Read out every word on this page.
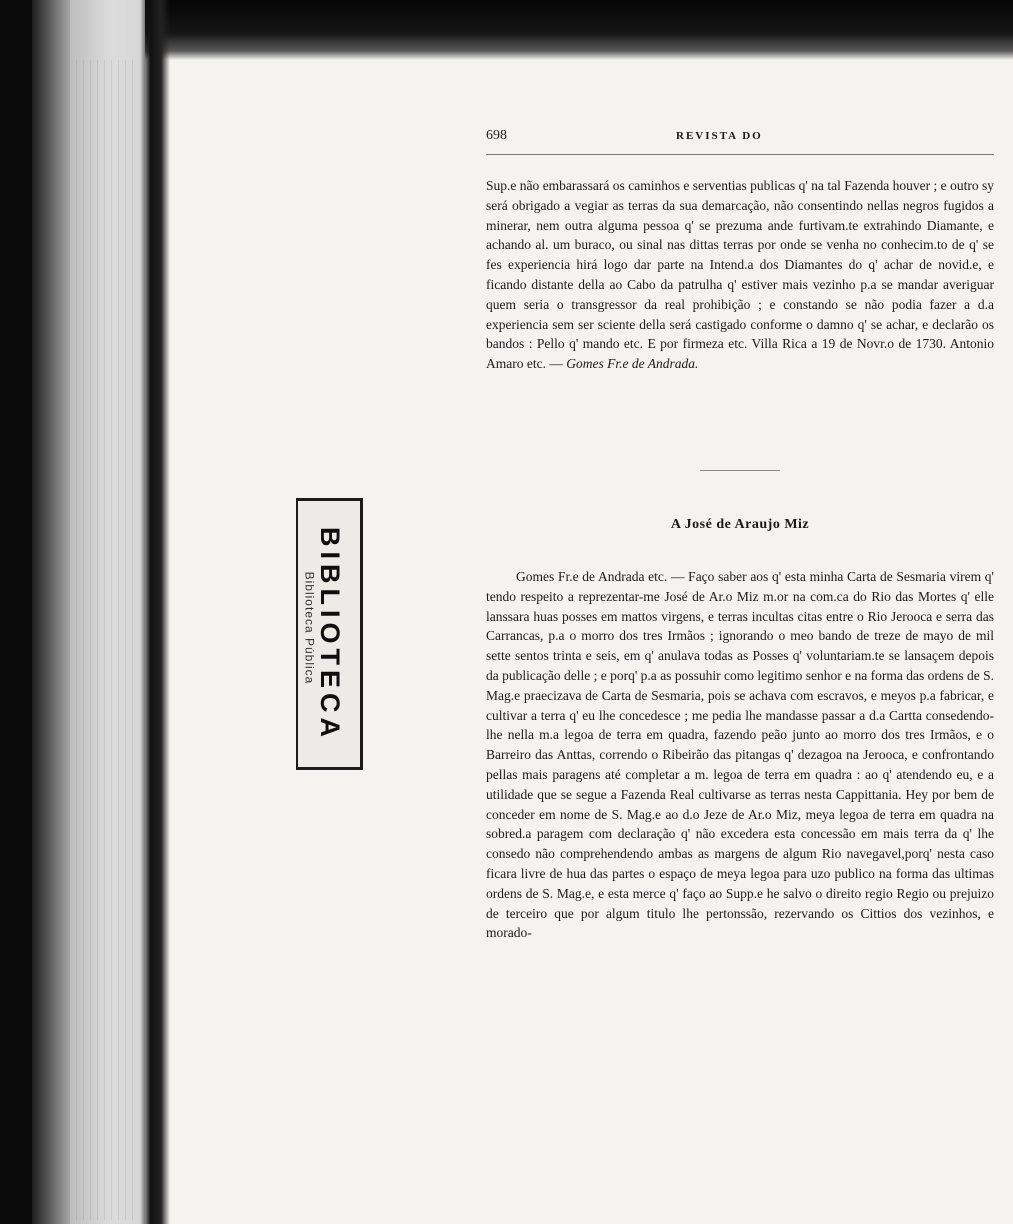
BIBLIOTECA
Biblioteca Pública
698	REVISTA DO
Sup.e não embarassará os caminhos e serventias publicas q' na tal Fazenda houver ; e outro sy será obrigado a vegiar as terras da sua demarcação, não consentindo nellas negros fugidos a minerar, nem outra alguma pessoa q' se prezuma ande furtivam.te extrahindo Diamante, e achando al. um buraco, ou sinal nas dittas terras por onde se venha no conhecim.to de q' se fes experiencia hirá logo dar parte na Intend.a dos Diamantes do q' achar de novid.e, e ficando distante della ao Cabo da patrulha q' estiver mais vezinho p.a se mandar averiguar quem seria o transgressor da real prohibição ; e constando se não podia fazer a d.a experiencia sem ser sciente della será castigado conforme o damno q' se achar, e declarão os bandos : Pello q' mando etc. E por firmeza etc. Villa Rica a 19 de Novr.o de 1730. Antonio Amaro etc. — Gomes Fr.e de Andrada.
A José de Araujo Miz
Gomes Fr.e de Andrada etc. — Faço saber aos q' esta minha Carta de Sesmaria virem q' tendo respeito a reprezentar-me José de Ar.o Miz m.or na com.ca do Rio das Mortes q' elle lanssara huas posses em mattos virgens, e terras incultas citas entre o Rio Jerooca e serra das Carrancas, p.a o morro dos tres Irmãos ; ignorando o meo bando de treze de mayo de mil sette sentos trinta e seis, em q' anulava todas as Posses q' voluntariam.te se lansaçem depois da publicação delle ; e porq' p.a as possuhir como legitimo senhor e na forma das ordens de S. Mag.e praecizava de Carta de Sesmaria, pois se achava com escravos, e meyos p.a fabricar, e cultivar a terra q' eu lhe concedesce ; me pedia lhe mandasse passar a d.a Cartta consedendo-lhe nella m.a legoa de terra em quadra, fazendo peão junto ao morro dos tres Irmãos, e o Barreiro das Anttas, correndo o Ribeirão das pitangas q' dezagoa na Jerooca, e confrontando pellas mais paragens até completar a m. legoa de terra em quadra : ao q' atendendo eu, e a utilidade que se segue a Fazenda Real cultivarse as terras nesta Cappittania. Hey por bem de conceder em nome de S. Mag.e ao d.o Jeze de Ar.o Miz, meya legoa de terra em quadra na sobred.a paragem com declaração q' não excedera esta concessão em mais terra da q' lhe consedo não comprehendendo ambas as margens de algum Rio navegavel,porq' nesta caso ficara livre de hua das partes o espaço de meya legoa para uzo publico na forma das ultimas ordens de S. Mag.e, e esta merce q' faço ao Supp.e he salvo o direito regio Regio ou prejuizo de terceiro que por algum titulo lhe pertonssão, rezervando os Cittios dos vezinhos, e morado-
